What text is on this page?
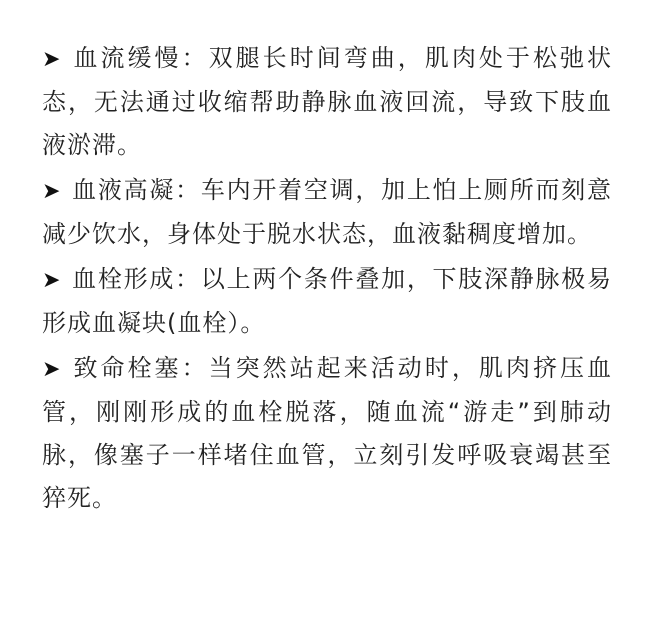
➤ 血流缓慢：双腿长时间弯曲，肌肉处于松弛状态，无法通过收缩帮助静脉血液回流，导致下肢血液淤滞。

➤ 血液高凝：车内开着空调，加上怕上厕所而刻意减少饮水，身体处于脱水状态，血液黏稠度增加。

➤ 血栓形成：以上两个条件叠加，下肢深静脉极易形成血凝块(血栓）。

➤ 致命栓塞：当突然站起来活动时，肌肉挤压血管，刚刚形成的血栓脱落，随血流“游走”到肺动脉，像塞子一样堵住血管，立刻引发呼吸衰竭甚至猝死。
